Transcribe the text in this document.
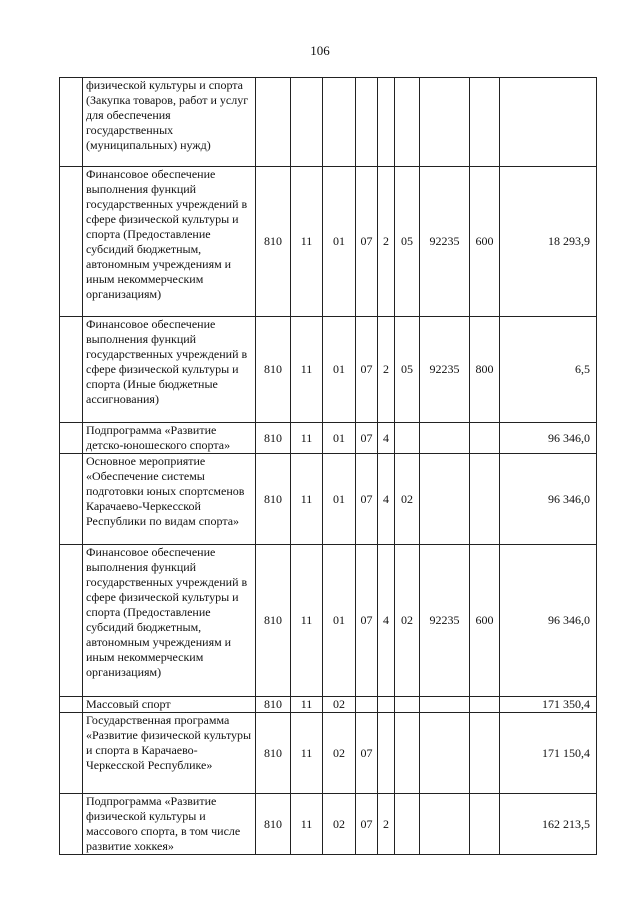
106
	физической культуры и спорта (Закупка товаров, работ и услуг для обеспечения государственных (муниципальных) нужд)									
	Финансовое обеспечение выполнения функций государственных учреждений в сфере физической культуры и спорта (Предоставление субсидий бюджетным, автономным учреждениям и иным некоммерческим организациям)	810	11	01	07	2	05	92235	600	18 293,9
	Финансовое обеспечение выполнения функций государственных учреждений в сфере физической культуры и спорта (Иные бюджетные ассигнования)	810	11	01	07	2	05	92235	800	6,5
	Подпрограмма «Развитие детско-юношеского спорта»	810	11	01	07	4				96 346,0
	Основное мероприятие «Обеспечение системы подготовки юных спортсменов Карачаево-Черкесской Республики по видам спорта»	810	11	01	07	4	02			96 346,0
	Финансовое обеспечение выполнения функций государственных учреждений в сфере физической культуры и спорта (Предоставление субсидий бюджетным, автономным учреждениям и иным некоммерческим организациям)	810	11	01	07	4	02	92235	600	96 346,0
	Массовый спорт	810	11	02						171 350,4
	Государственная программа «Развитие физической культуры и спорта в Карачаево-Черкесской Республике»	810	11	02	07					171 150,4
	Подпрограмма «Развитие физической культуры и массового спорта, в том числе развитие хоккея»	810	11	02	07	2				162 213,5
